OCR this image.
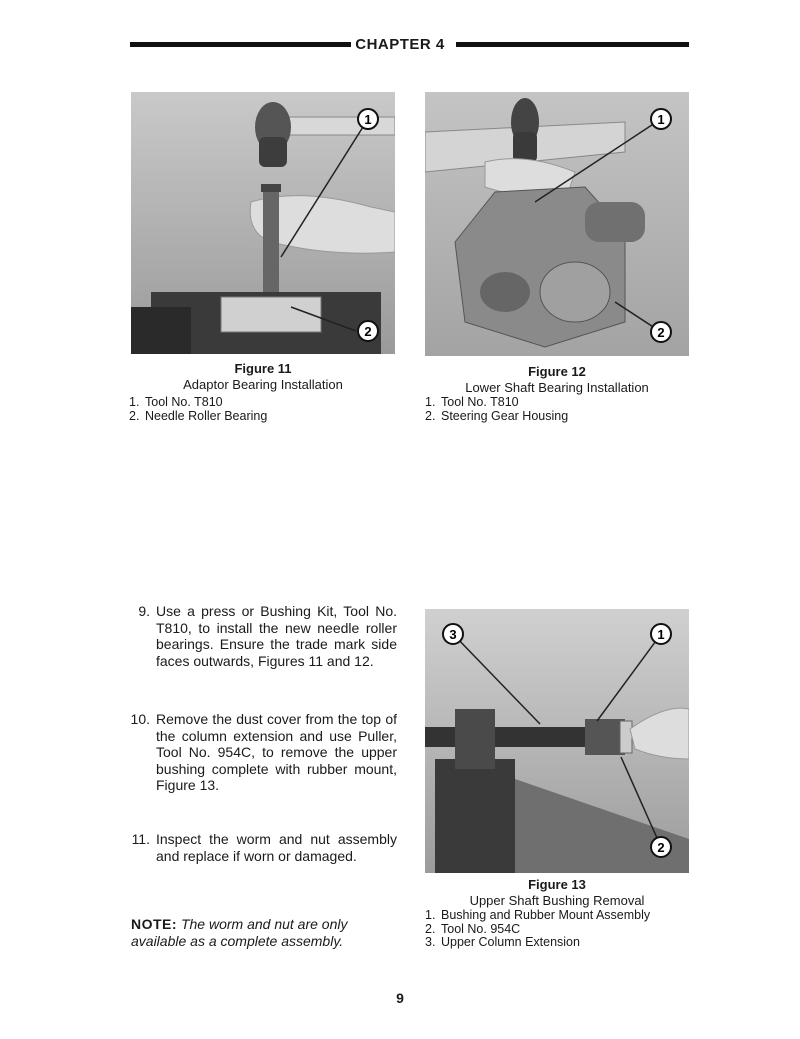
CHAPTER 4
1
2
1
2
Figure 11
Adaptor Bearing Installation
1. Tool No. T810
2. Needle Roller Bearing
Figure 12
Lower Shaft Bearing Installation
1. Tool No. T810
2. Steering Gear Housing
9. Use a press or Bushing Kit, Tool No. T810, to install the new needle roller bearings. Ensure the trade mark side faces outwards, Figures 11 and 12.
10. Remove the dust cover from the top of the column extension and use Puller, Tool No. 954C, to remove the upper bushing complete with rubber mount, Figure 13.
11. Inspect the worm and nut assembly and replace if worn or damaged.
NOTE: The worm and nut are only available as a complete assembly.
3	1
2
Figure 13
Upper Shaft Bushing Removal
1. Bushing and Rubber Mount Assembly
2. Tool No. 954C
3. Upper Column Extension
9
